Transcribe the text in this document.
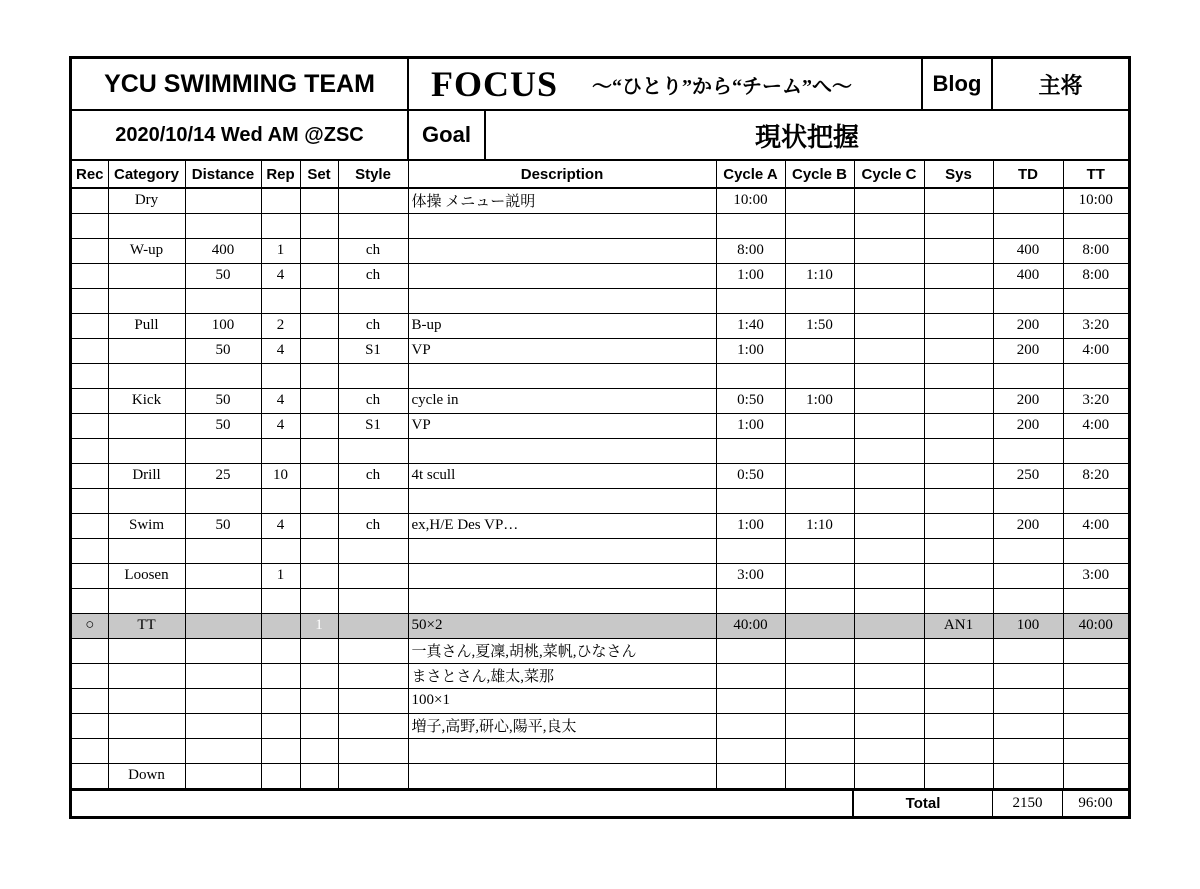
YCU SWIMMING TEAM	FOCUS ～“ひとり”から“チーム”へ～	Blog	主将
2020/10/14 Wed AM @ZSC	Goal	現状把握
Rec	Category	Distance	Rep	Set	Style	Description	Cycle A	Cycle B	Cycle C	Sys	TD	TT
	Dry					体操 メニュー説明	10:00					10:00

	W-up	400	1		ch		8:00				400	8:00
		50	4		ch		1:00	1:10			400	8:00

	Pull	100	2		ch	B-up	1:40	1:50			200	3:20
		50	4		S1	VP	1:00				200	4:00

	Kick	50	4		ch	cycle in	0:50	1:00			200	3:20
		50	4		S1	VP	1:00				200	4:00

	Drill	25	10		ch	4t scull	0:50				250	8:20

	Swim	50	4		ch	ex,H/E Des VP…	1:00	1:10			200	4:00

	Loosen		1				3:00					3:00

○	TT			1		50×2	40:00			AN1	100	40:00
						一真さん,夏凜,胡桃,菜帆,ひなさん						
						まさとさん,雄太,菜那						
						100×1						
						増子,高野,研心,陽平,良太						

	Down											
Total	2150	96:00
